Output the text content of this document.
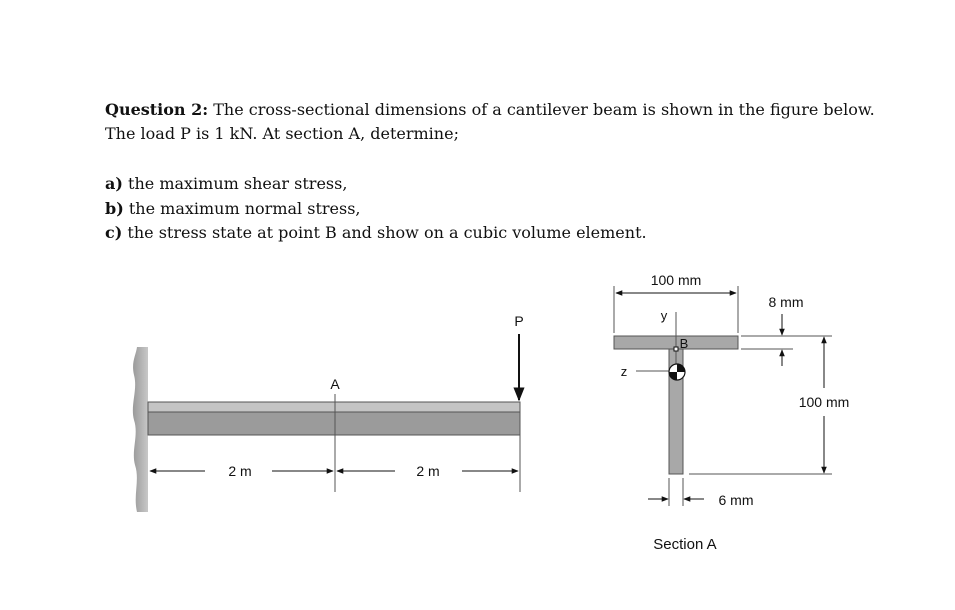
Question 2: The cross-sectional dimensions of a cantilever beam is shown in the figure below.
The load P is 1 kN. At section A, determine;
a) the maximum shear stress,
b) the maximum normal stress,
c) the stress state at point B and show on a cubic volume element.
A
P
2 m	2 m
100 mm
8 mm
100 mm
6 mm
y
z
B
Section A
